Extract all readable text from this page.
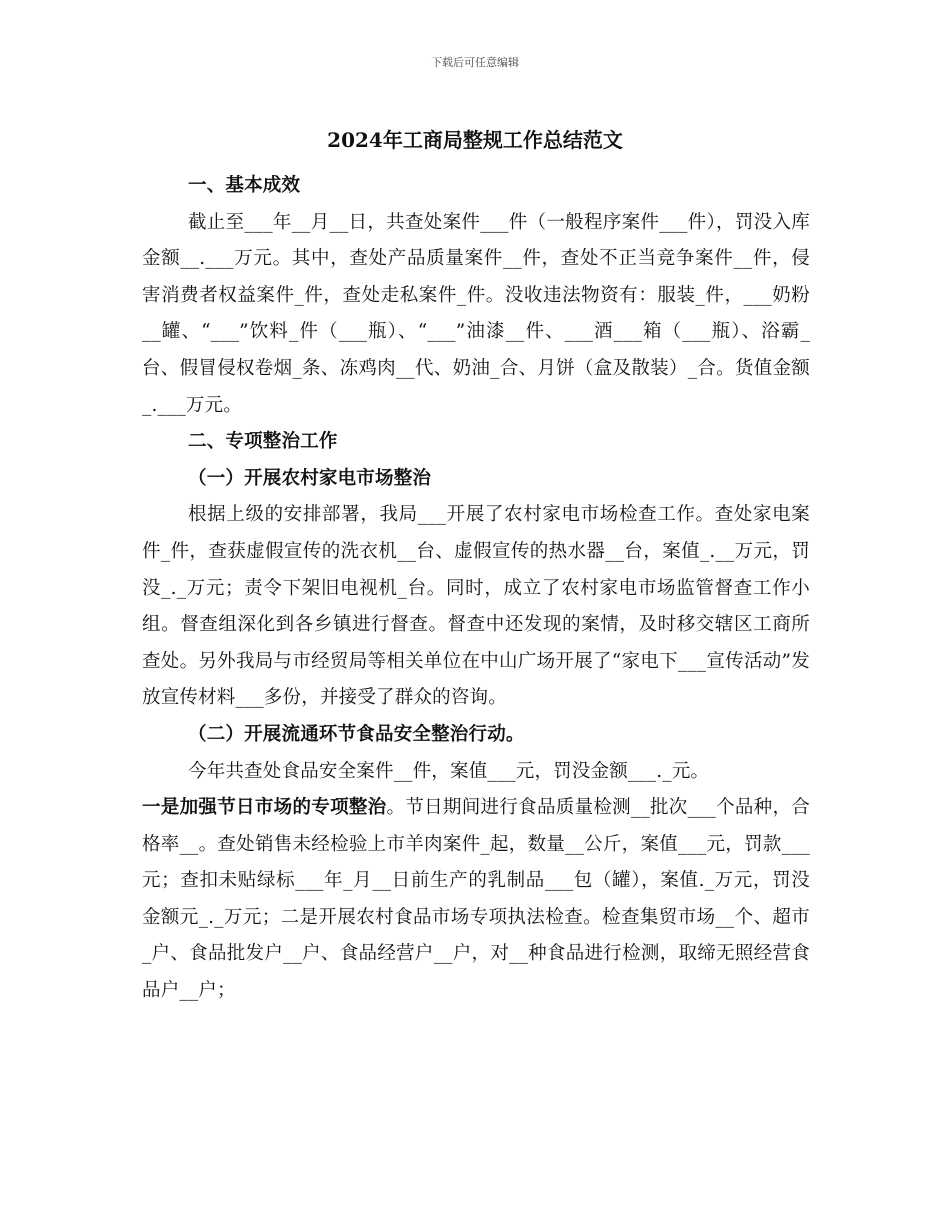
下载后可任意编辑
2024年工商局整规工作总结范文

一、基本成效

截止至___年__月__日，共查处案件___件（一般程序案件___件），罚没入库金额__.___万元。其中，查处产品质量案件__件，查处不正当竞争案件__件，侵害消费者权益案件_件，查处走私案件_件。没收违法物资有：服装_件，___奶粉__罐、“___”饮料_件（___瓶）、“___”油漆__件、___酒___箱（___瓶）、浴霸_台、假冒侵权卷烟_条、冻鸡肉__代、奶油_合、月饼（盒及散装）_合。货值金额_.___万元。

二、专项整治工作

（一）开展农村家电市场整治

根据上级的安排部署，我局___开展了农村家电市场检查工作。查处家电案件_件，查获虚假宣传的洗衣机__台、虚假宣传的热水器__台，案值_.__万元，罚没_._万元；责令下架旧电视机_台。同时，成立了农村家电市场监管督查工作小组。督查组深化到各乡镇进行督查。督查中还发现的案情，及时移交辖区工商所查处。另外我局与市经贸局等相关单位在中山广场开展了“家电下___宣传活动”发放宣传材料___多份，并接受了群众的咨询。

（二）开展流通环节食品安全整治行动。

今年共查处食品安全案件__件，案值___元，罚没金额___._元。

一是加强节日市场的专项整治。节日期间进行食品质量检测__批次___个品种，合格率__。查处销售未经检验上市羊肉案件_起，数量__公斤，案值___元，罚款___元；查扣未贴绿标___年_月__日前生产的乳制品___包（罐），案值._万元，罚没金额元_._万元；二是开展农村食品市场专项执法检查。检查集贸市场__个、超市_户、食品批发户__户、食品经营户__户，对__种食品进行检测，取缔无照经营食品户__户；
